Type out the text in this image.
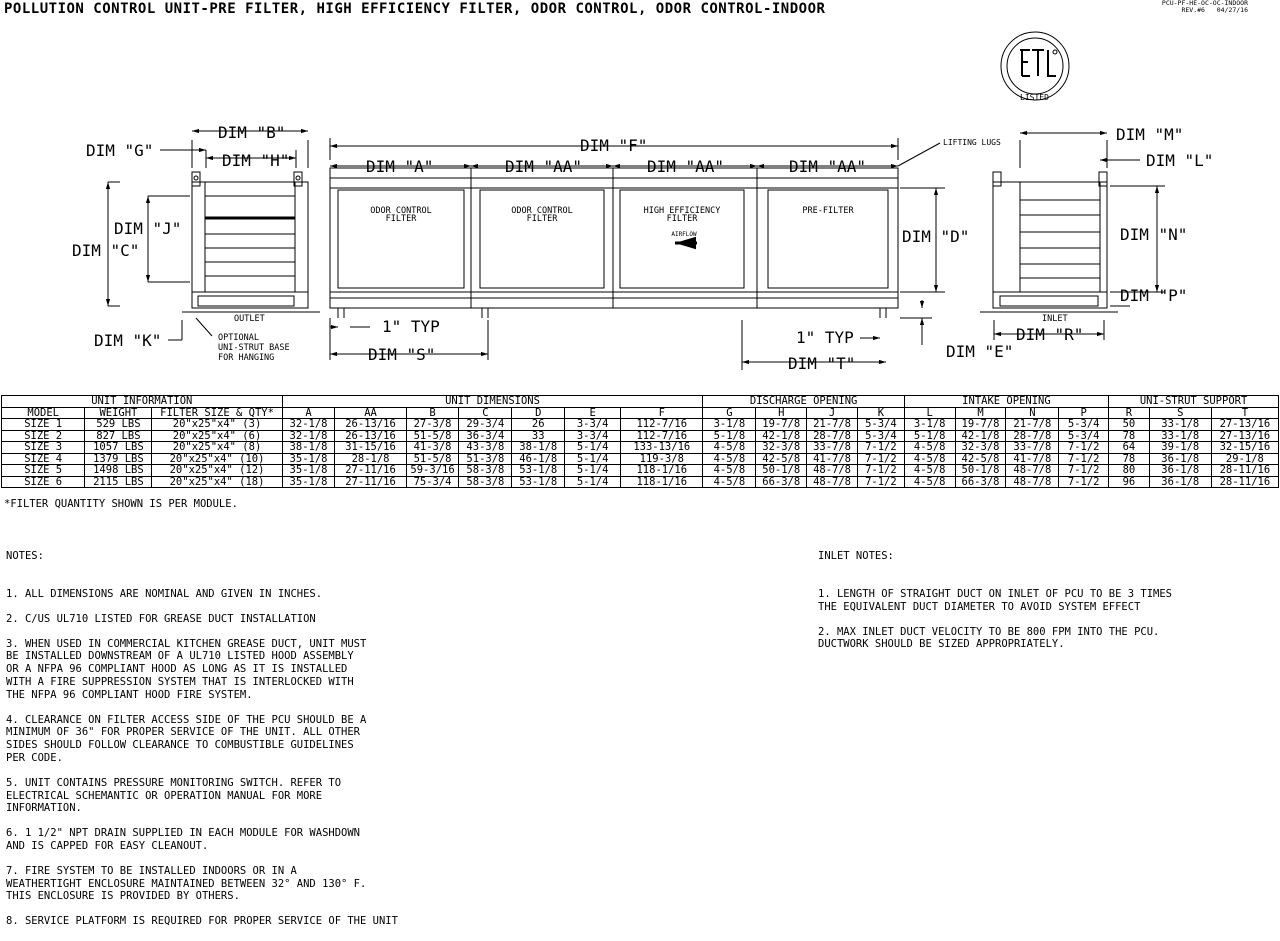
POLLUTION CONTROL UNIT-PRE FILTER, HIGH EFFICIENCY FILTER, ODOR CONTROL, ODOR CONTROL-INDOOR	PCU-PF-HE-OC-OC-INDOOR
REV.#6   04/27/16
LISTED
DIM "G"
DIM "B"
DIM "H"
DIM "J"
DIM "C"
DIM "K"
OUTLET
OPTIONAL
UNI-STRUT BASE
FOR HANGING
DIM "F"
DIM "A"	DIM "AA"	DIM "AA"	DIM "AA"
DIM "D"
DIM "S"	DIM "T"
DIM "E"
1" TYP
1" TYP
LIFTING LUGS
ODOR CONTROL
FILTER
ODOR CONTROL
FILTER
HIGH EFFICIENCY
FILTER
AIRFLOW
PRE-FILTER
DIM "M"
DIM "L"
DIM "N"
DIM "P"
DIM "R"
INLET
UNIT INFORMATION			UNIT DIMENSIONS							DISCHARGE OPENING				INTAKE OPENING				UNI-STRUT SUPPORT		
MODEL	WEIGHT	FILTER SIZE & QTY*	A	AA	B	C	D	E	F	G	H	J	K	L	M	N	P	R	S	T
SIZE 1	529 LBS	20"x25"x4" (3)	32-1/8	26-13/16	27-3/8	29-3/4	26	3-3/4	112-7/16	3-1/8	19-7/8	21-7/8	5-3/4	3-1/8	19-7/8	21-7/8	5-3/4	50	33-1/8	27-13/16
SIZE 2	827 LBS	20"x25"x4" (6)	32-1/8	26-13/16	51-5/8	36-3/4	33	3-3/4	112-7/16	5-1/8	42-1/8	28-7/8	5-3/4	5-1/8	42-1/8	28-7/8	5-3/4	78	33-1/8	27-13/16
SIZE 3	1057 LBS	20"x25"x4" (8)	38-1/8	31-15/16	41-3/8	43-3/8	38-1/8	5-1/4	133-13/16	4-5/8	32-3/8	33-7/8	7-1/2	4-5/8	32-3/8	33-7/8	7-1/2	64	39-1/8	32-15/16
SIZE 4	1379 LBS	20"x25"x4" (10)	35-1/8	28-1/8	51-5/8	51-3/8	46-1/8	5-1/4	119-3/8	4-5/8	42-5/8	41-7/8	7-1/2	4-5/8	42-5/8	41-7/8	7-1/2	78	36-1/8	29-1/8
SIZE 5	1498 LBS	20"x25"x4" (12)	35-1/8	27-11/16	59-3/16	58-3/8	53-1/8	5-1/4	118-1/16	4-5/8	50-1/8	48-7/8	7-1/2	4-5/8	50-1/8	48-7/8	7-1/2	80	36-1/8	28-11/16
SIZE 6	2115 LBS	20"x25"x4" (18)	35-1/8	27-11/16	75-3/4	58-3/8	53-1/8	5-1/4	118-1/16	4-5/8	66-3/8	48-7/8	7-1/2	4-5/8	66-3/8	48-7/8	7-1/2	96	36-1/8	28-11/16
*FILTER QUANTITY SHOWN IS PER MODULE.

NOTES:

1. ALL DIMENSIONS ARE NOMINAL AND GIVEN IN INCHES.
2. C/US UL710 LISTED FOR GREASE DUCT INSTALLATION
3. WHEN USED IN COMMERCIAL KITCHEN GREASE DUCT, UNIT MUST
BE INSTALLED DOWNSTREAM OF A UL710 LISTED HOOD ASSEMBLY
OR A NFPA 96 COMPLIANT HOOD AS LONG AS IT IS INSTALLED
WITH A FIRE SUPPRESSION SYSTEM THAT IS INTERLOCKED WITH
THE NFPA 96 COMPLIANT HOOD FIRE SYSTEM.
4. CLEARANCE ON FILTER ACCESS SIDE OF THE PCU SHOULD BE A
MINIMUM OF 36" FOR PROPER SERVICE OF THE UNIT. ALL OTHER
SIDES SHOULD FOLLOW CLEARANCE TO COMBUSTIBLE GUIDELINES
PER CODE.
5. UNIT CONTAINS PRESSURE MONITORING SWITCH. REFER TO
ELECTRICAL SCHEMANTIC OR OPERATION MANUAL FOR MORE
INFORMATION.
6. 1 1/2" NPT DRAIN SUPPLIED IN EACH MODULE FOR WASHDOWN
AND IS CAPPED FOR EASY CLEANOUT.
7. FIRE SYSTEM TO BE INSTALLED INDOORS OR IN A
WEATHERTIGHT ENCLOSURE MAINTAINED BETWEEN 32° AND 130° F.
THIS ENCLOSURE IS PROVIDED BY OTHERS.
8. SERVICE PLATFORM IS REQUIRED FOR PROPER SERVICE OF THE UNIT

INLET NOTES:

1. LENGTH OF STRAIGHT DUCT ON INLET OF PCU TO BE 3 TIMES
THE EQUIVALENT DUCT DIAMETER TO AVOID SYSTEM EFFECT
2. MAX INLET DUCT VELOCITY TO BE 800 FPM INTO THE PCU.
DUCTWORK SHOULD BE SIZED APPROPRIATELY.
